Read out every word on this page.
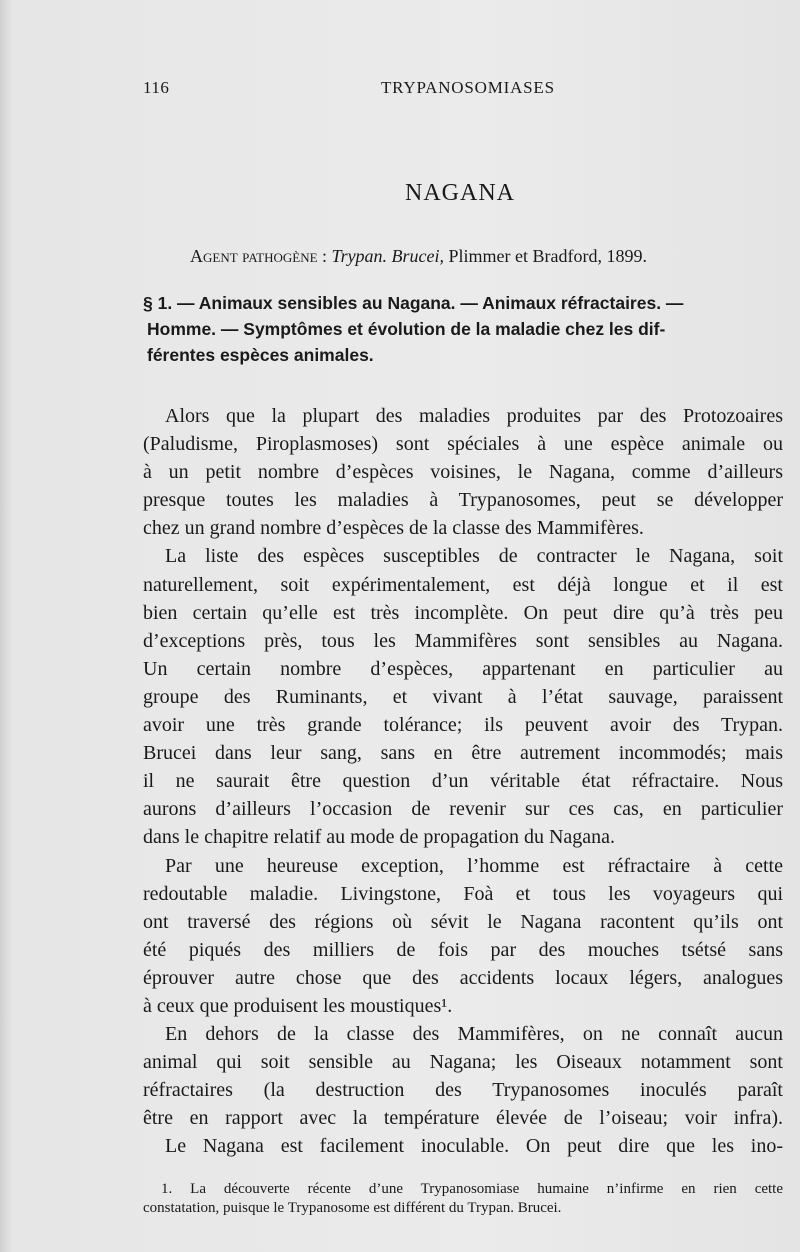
116	TRYPANOSOMIASES
NAGANA
Agent pathogène : Trypan. Brucei, Plimmer et Bradford, 1899.
§ 1. — Animaux sensibles au Nagana. — Animaux réfractaires. —
Homme. — Symptômes et évolution de la maladie chez les dif-
férentes espèces animales.
Alors que la plupart des maladies produites par des Protozoaires
(Paludisme, Piroplasmoses) sont spéciales à une espèce animale ou
à un petit nombre d’espèces voisines, le Nagana, comme d’ailleurs
presque toutes les maladies à Trypanosomes, peut se développer
chez un grand nombre d’espèces de la classe des Mammifères.
La liste des espèces susceptibles de contracter le Nagana, soit
naturellement, soit expérimentalement, est déjà longue et il est
bien certain qu’elle est très incomplète. On peut dire qu’à très peu
d’exceptions près, tous les Mammifères sont sensibles au Nagana.
Un certain nombre d’espèces, appartenant en particulier au
groupe des Ruminants, et vivant à l’état sauvage, paraissent
avoir une très grande tolérance; ils peuvent avoir des Trypan.
Brucei dans leur sang, sans en être autrement incommodés; mais
il ne saurait être question d’un véritable état réfractaire. Nous
aurons d’ailleurs l’occasion de revenir sur ces cas, en particulier
dans le chapitre relatif au mode de propagation du Nagana.
Par une heureuse exception, l’homme est réfractaire à cette
redoutable maladie. Livingstone, Foà et tous les voyageurs qui
ont traversé des régions où sévit le Nagana racontent qu’ils ont
été piqués des milliers de fois par des mouches tsétsé sans
éprouver autre chose que des accidents locaux légers, analogues
à ceux que produisent les moustiques¹.
En dehors de la classe des Mammifères, on ne connaît aucun
animal qui soit sensible au Nagana; les Oiseaux notamment sont
réfractaires (la destruction des Trypanosomes inoculés paraît
être en rapport avec la température élevée de l’oiseau; voir infra).
Le Nagana est facilement inoculable. On peut dire que les ino-
1. La découverte récente d’une Trypanosomiase humaine n’infirme en rien cette
constatation, puisque le Trypanosome est différent du Trypan. Brucei.
